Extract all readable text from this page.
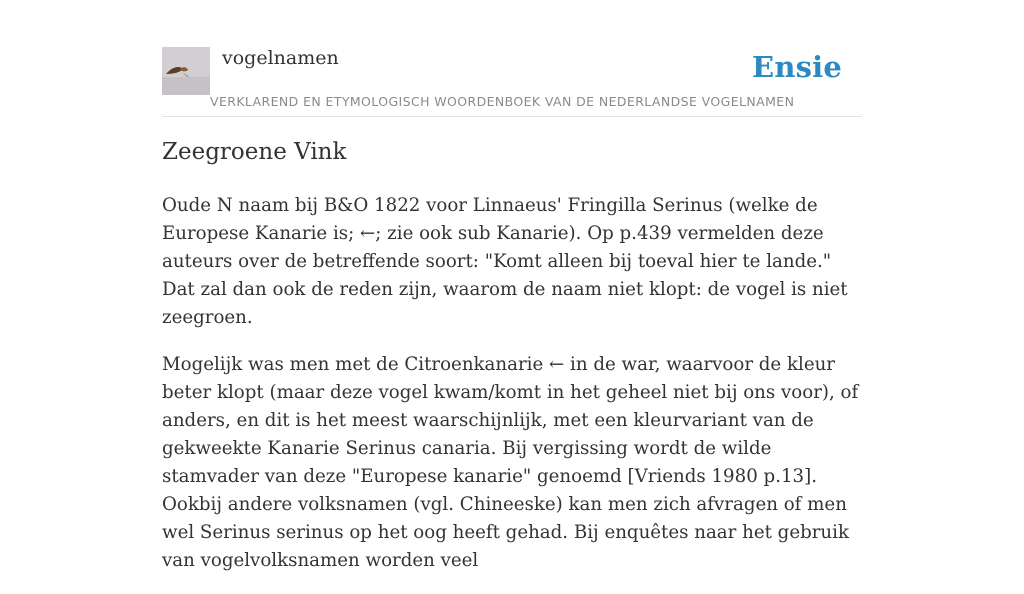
vogelnamen	Ensie
VERKLAREND EN ETYMOLOGISCH WOORDENBOEK VAN DE NEDERLANDSE VOGELNAMEN
Zeegroene Vink

Oude N naam bij B&O 1822 voor Linnaeus' Fringilla Serinus (welke de Europese Kanarie is; ←; zie ook sub Kanarie). Op p.439 vermelden deze auteurs over de betreffende soort: "Komt alleen bij toeval hier te lande." Dat zal dan ook de reden zijn, waarom de naam niet klopt: de vogel is niet zeegroen.

Mogelijk was men met de Citroenkanarie ← in de war, waarvoor de kleur beter klopt (maar deze vogel kwam/komt in het geheel niet bij ons voor), of anders, en dit is het meest waarschijnlijk, met een kleurvariant van de gekweekte Kanarie Serinus canaria. Bij vergissing wordt de wilde stamvader van deze "Europese kanarie" genoemd [Vriends 1980 p.13]. Ookbij andere volksnamen (vgl. Chineeske) kan men zich afvragen of men wel Serinus serinus op het oog heeft gehad. Bij enquêtes naar het gebruik van vogelvolksnamen worden veel
